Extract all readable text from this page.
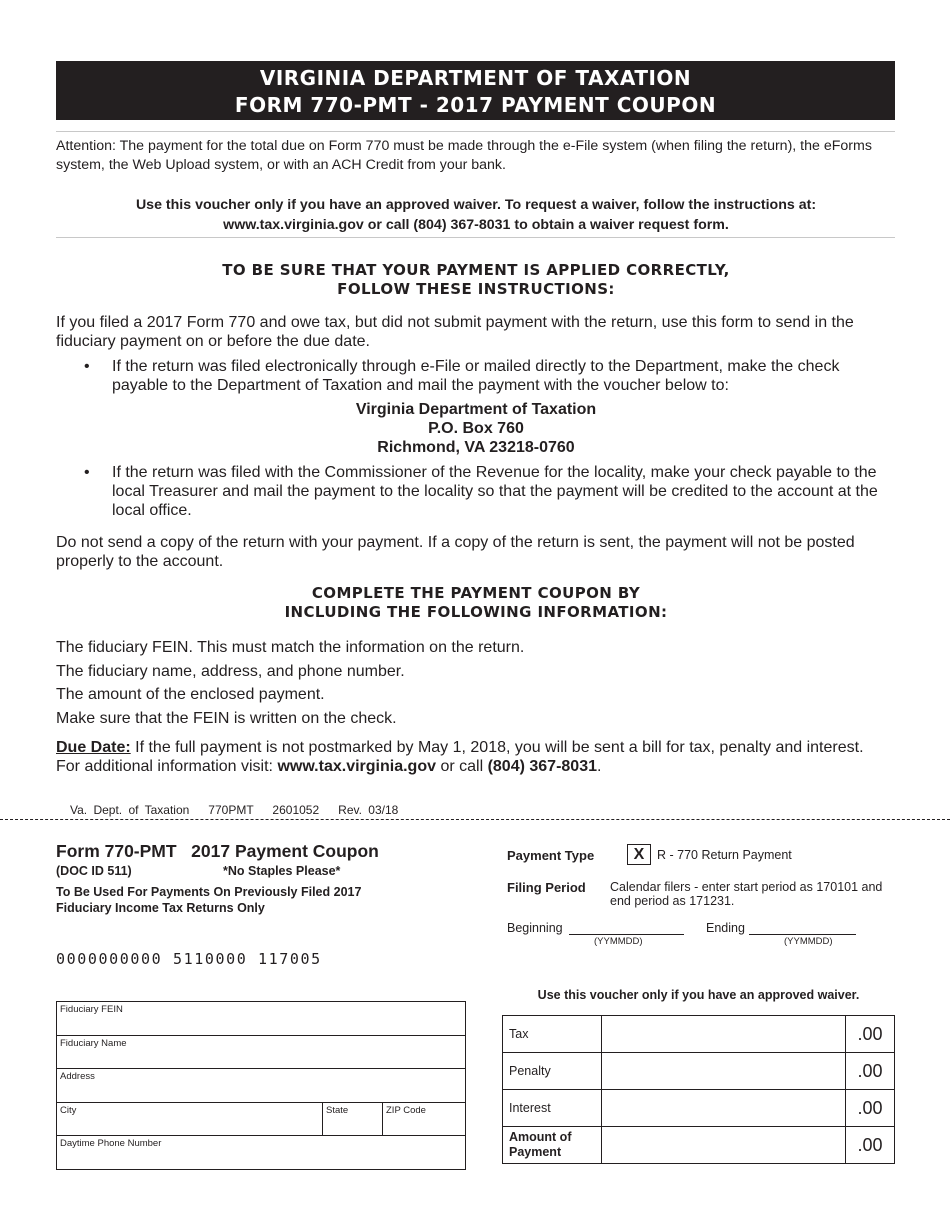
VIRGINIA DEPARTMENT OF TAXATION
FORM 770-PMT - 2017 PAYMENT COUPON
Attention: The payment for the total due on Form 770 must be made through the e-File system (when filing the return), the eForms system, the Web Upload system, or with an ACH Credit from your bank.
Use this voucher only if you have an approved waiver. To request a waiver, follow the instructions at:
www.tax.virginia.gov or call (804) 367-8031 to obtain a waiver request form.
TO BE SURE THAT YOUR PAYMENT IS APPLIED CORRECTLY,
FOLLOW THESE INSTRUCTIONS:
If you filed a 2017 Form 770 and owe tax, but did not submit payment with the return, use this form to send in the fiduciary payment on or before the due date.
• If the return was filed electronically through e-File or mailed directly to the Department, make the check payable to the Department of Taxation and mail the payment with the voucher below to:
Virginia Department of Taxation
P.O. Box 760
Richmond, VA 23218-0760
• If the return was filed with the Commissioner of the Revenue for the locality, make your check payable to the local Treasurer and mail the payment to the locality so that the payment will be credited to the account at the local office.
Do not send a copy of the return with your payment. If a copy of the return is sent, the payment will not be posted properly to the account.
COMPLETE THE PAYMENT COUPON BY
INCLUDING THE FOLLOWING INFORMATION:
The fiduciary FEIN. This must match the information on the return.
The fiduciary name, address, and phone number.
The amount of the enclosed payment.
Make sure that the FEIN is written on the check.
Due Date: If the full payment is not postmarked by May 1, 2018, you will be sent a bill for tax, penalty and interest.
For additional information visit: www.tax.virginia.gov or call (804) 367-8031.
Va. Dept. of Taxation   770PMT   2601052   Rev. 03/18
Form 770-PMT   2017 Payment Coupon
(DOC ID 511)	*No Staples Please*
To Be Used For Payments On Previously Filed 2017
Fiduciary Income Tax Returns Only
0000000000 5110000 117005
Fiduciary FEIN
Fiduciary Name
Address
City	State	ZIP Code
Daytime Phone Number
Payment Type	X	R - 770 Return Payment
Filing Period Calendar filers - enter start period as 170101 and
end period as 171231.
Beginning
(YYMMDD)
Ending
(YYMMDD)
Use this voucher only if you have an approved waiver.
Tax		.00
Penalty		.00
Interest		.00
Amount of Payment		.00
